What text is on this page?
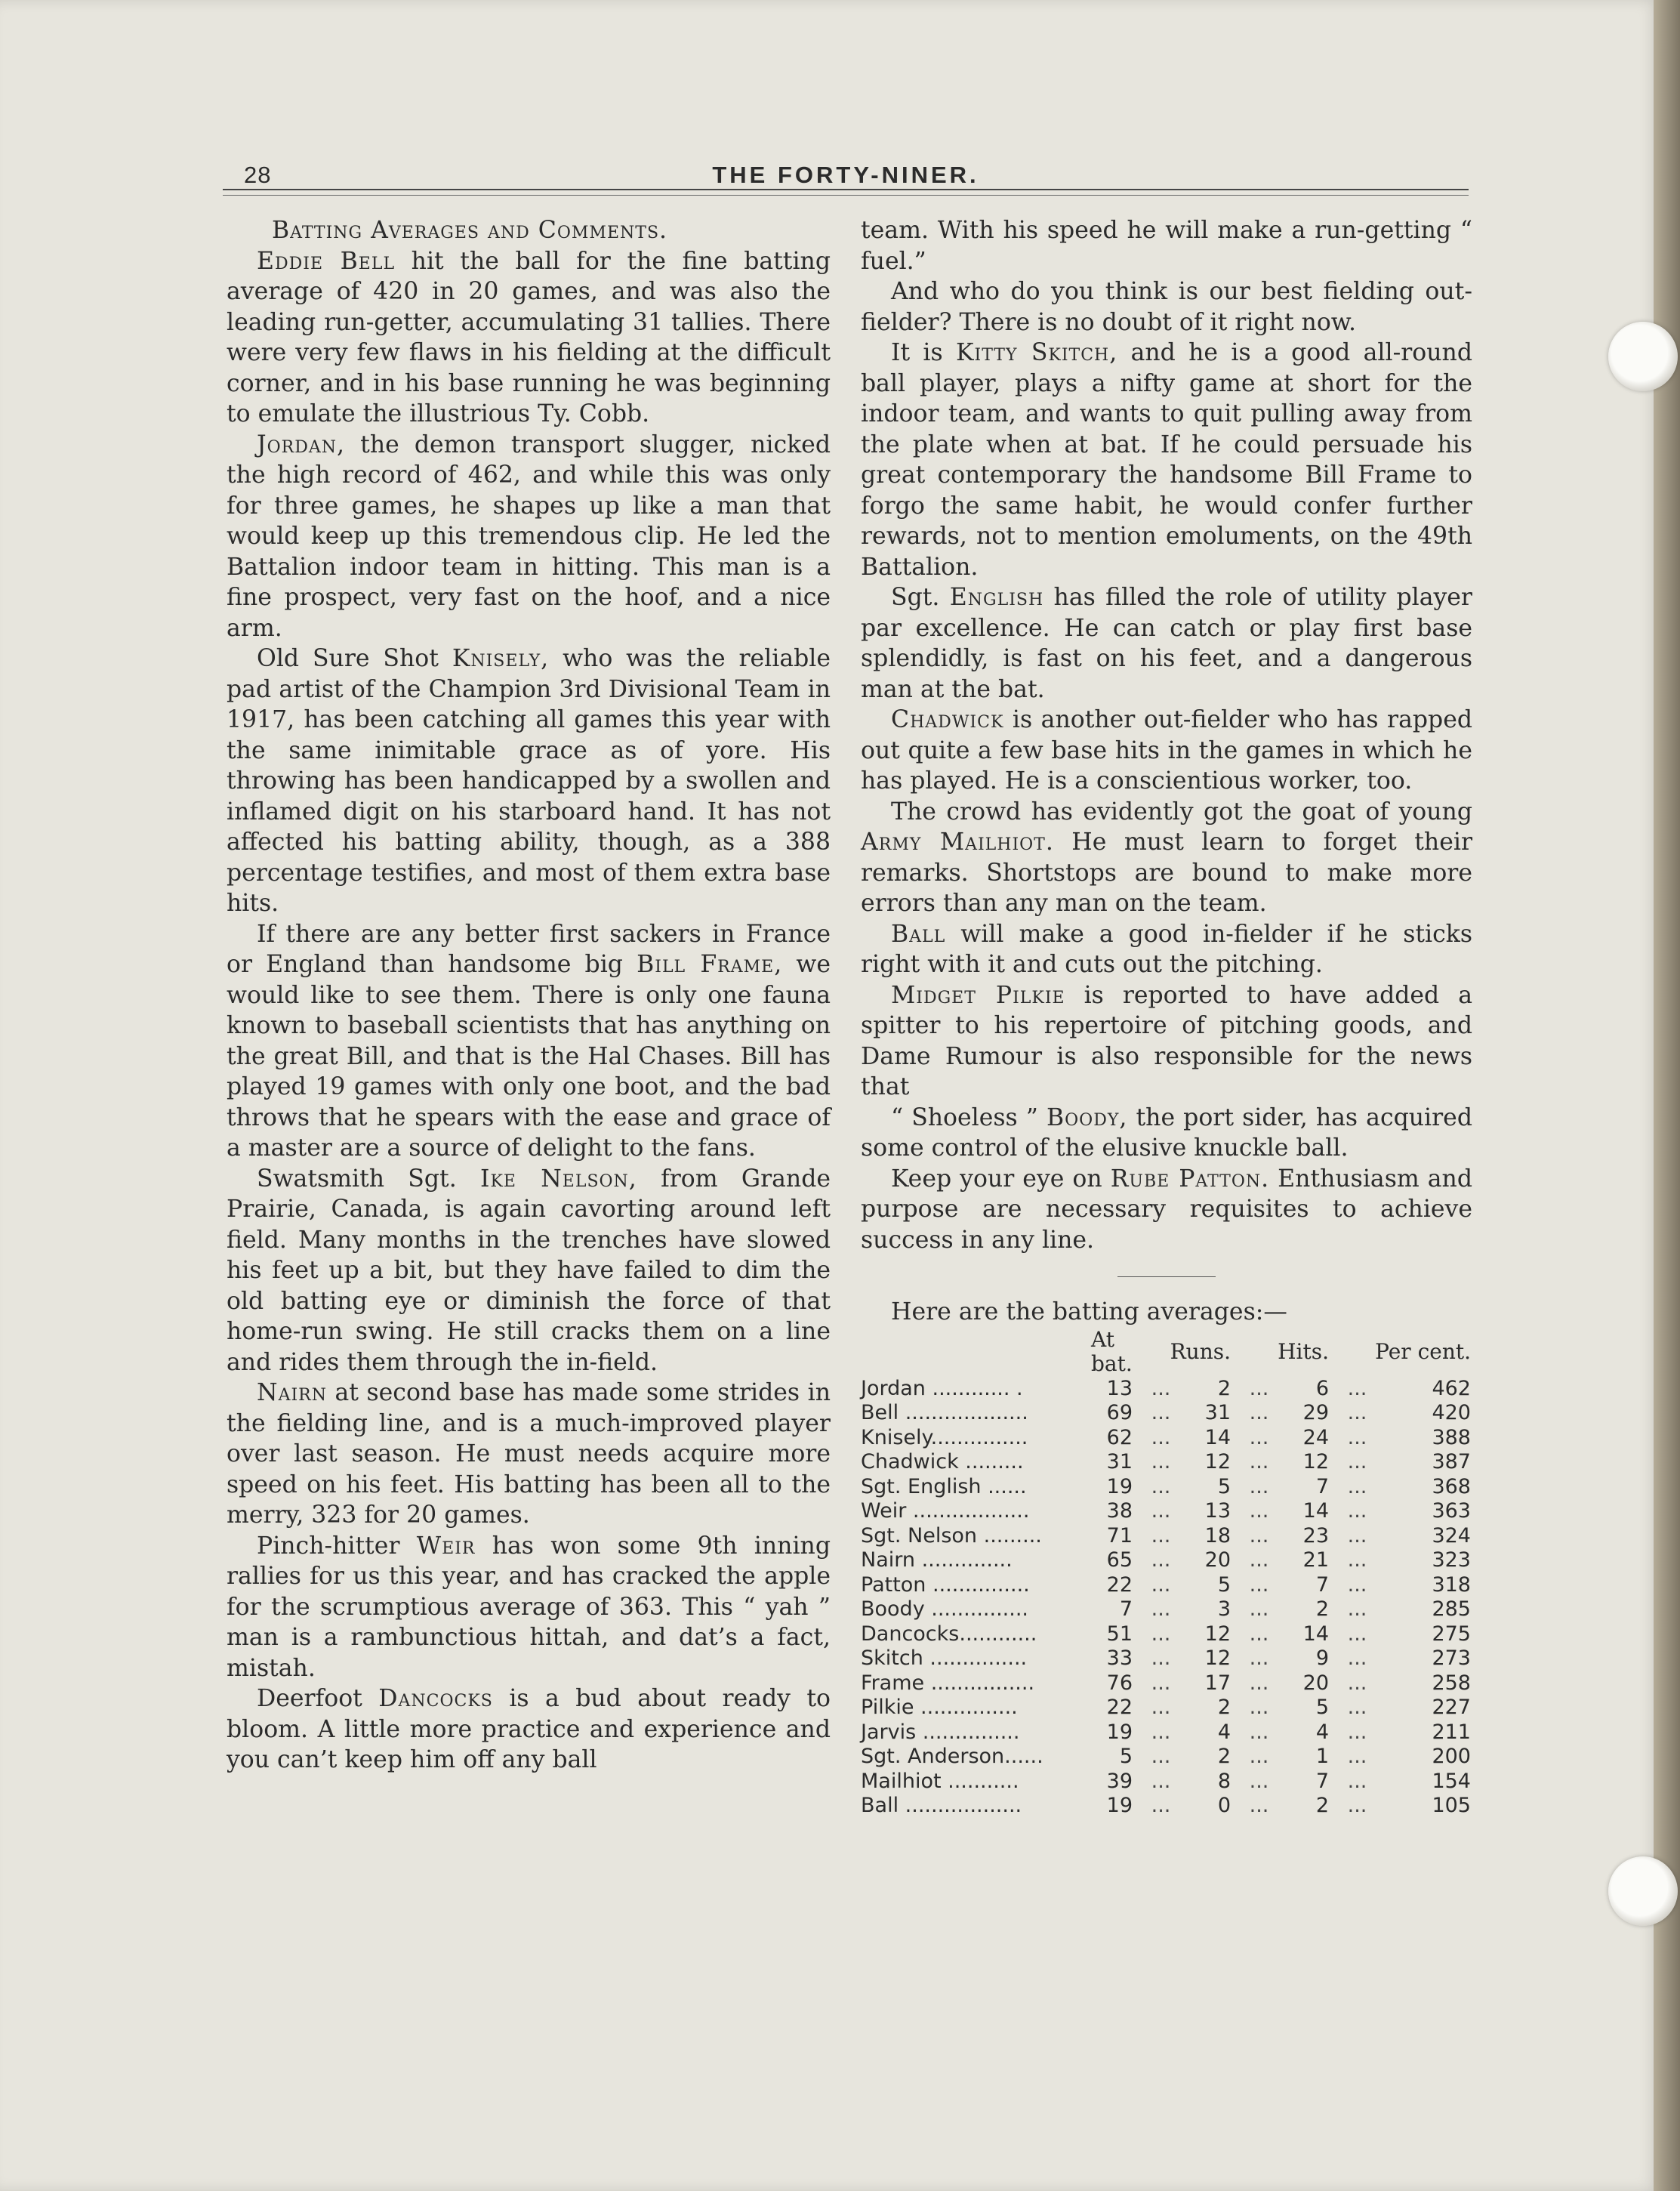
28	THE FORTY-NINER.
Batting Averages and Comments.

Eddie Bell hit the ball for the fine batting average of 420 in 20 games, and was also the leading run-getter, accumulating 31 tallies. There were very few flaws in his fielding at the difficult corner, and in his base running he was beginning to emulate the illustrious Ty. Cobb.

Jordan, the demon transport slugger, nicked the high record of 462, and while this was only for three games, he shapes up like a man that would keep up this tremendous clip. He led the Battalion indoor team in hitting. This man is a fine prospect, very fast on the hoof, and a nice arm.

Old Sure Shot Knisely, who was the reliable pad artist of the Champion 3rd Divisional Team in 1917, has been catching all games this year with the same inimitable grace as of yore. His throwing has been handicapped by a swollen and inflamed digit on his starboard hand. It has not affected his batting ability, though, as a 388 percentage testifies, and most of them extra base hits.

If there are any better first sackers in France or England than handsome big Bill Frame, we would like to see them. There is only one fauna known to baseball scientists that has anything on the great Bill, and that is the Hal Chases. Bill has played 19 games with only one boot, and the bad throws that he spears with the ease and grace of a master are a source of delight to the fans.

Swatsmith Sgt. Ike Nelson, from Grande Prairie, Canada, is again cavorting around left field. Many months in the trenches have slowed his feet up a bit, but they have failed to dim the old batting eye or diminish the force of that home-run swing. He still cracks them on a line and rides them through the in-field.

Nairn at second base has made some strides in the fielding line, and is a much-improved player over last season. He must needs acquire more speed on his feet. His batting has been all to the merry, 323 for 20 games.

Pinch-hitter Weir has won some 9th inning rallies for us this year, and has cracked the apple for the scrumptious average of 363. This “ yah ” man is a rambunctious hittah, and dat’s a fact, mistah.

Deerfoot Dancocks is a bud about ready to bloom. A little more practice and experience and you can’t keep him off any ball

team. With his speed he will make a run-getting “ fuel.”

And who do you think is our best fielding out-fielder? There is no doubt of it right now.

It is Kitty Skitch, and he is a good all-round ball player, plays a nifty game at short for the indoor team, and wants to quit pulling away from the plate when at bat. If he could persuade his great contemporary the handsome Bill Frame to forgo the same habit, he would confer further rewards, not to mention emoluments, on the 49th Battalion.

Sgt. English has filled the role of utility player par excellence. He can catch or play first base splendidly, is fast on his feet, and a dangerous man at the bat.

Chadwick is another out-fielder who has rapped out quite a few base hits in the games in which he has played. He is a conscientious worker, too.

The crowd has evidently got the goat of young Army Mailhiot. He must learn to forget their remarks. Shortstops are bound to make more errors than any man on the team.

Ball will make a good in-fielder if he sticks right with it and cuts out the pitching.

Midget Pilkie is reported to have added a spitter to his repertoire of pitching goods, and Dame Rumour is also responsible for the news that

“ Shoeless ” Boody, the port sider, has acquired some control of the elusive knuckle ball.

Keep your eye on Rube Patton. Enthusiasm and purpose are necessary requisites to achieve success in any line.

Here are the batting averages:—

	At bat.	Runs.		Hits.		Per cent.	
Jordan ............ .	13	...	2	...	6	...	462
Bell ...................	69	...	31	...	29	...	420
Knisely...............	62	...	14	...	24	...	388
Chadwick .........	31	...	12	...	12	...	387
Sgt. English ......	19	...	5	...	7	...	368
Weir ..................	38	...	13	...	14	...	363
Sgt. Nelson .........	71	...	18	...	23	...	324
Nairn ..............	65	...	20	...	21	...	323
Patton ...............	22	...	5	...	7	...	318
Boody ...............	7	...	3	...	2	...	285
Dancocks............	51	...	12	...	14	...	275
Skitch ...............	33	...	12	...	9	...	273
Frame ................	76	...	17	...	20	...	258
Pilkie ...............	22	...	2	...	5	...	227
Jarvis ...............	19	...	4	...	4	...	211
Sgt. Anderson......	5	...	2	...	1	...	200
Mailhiot ...........	39	...	8	...	7	...	154
Ball ..................	19	...	0	...	2	...	105
